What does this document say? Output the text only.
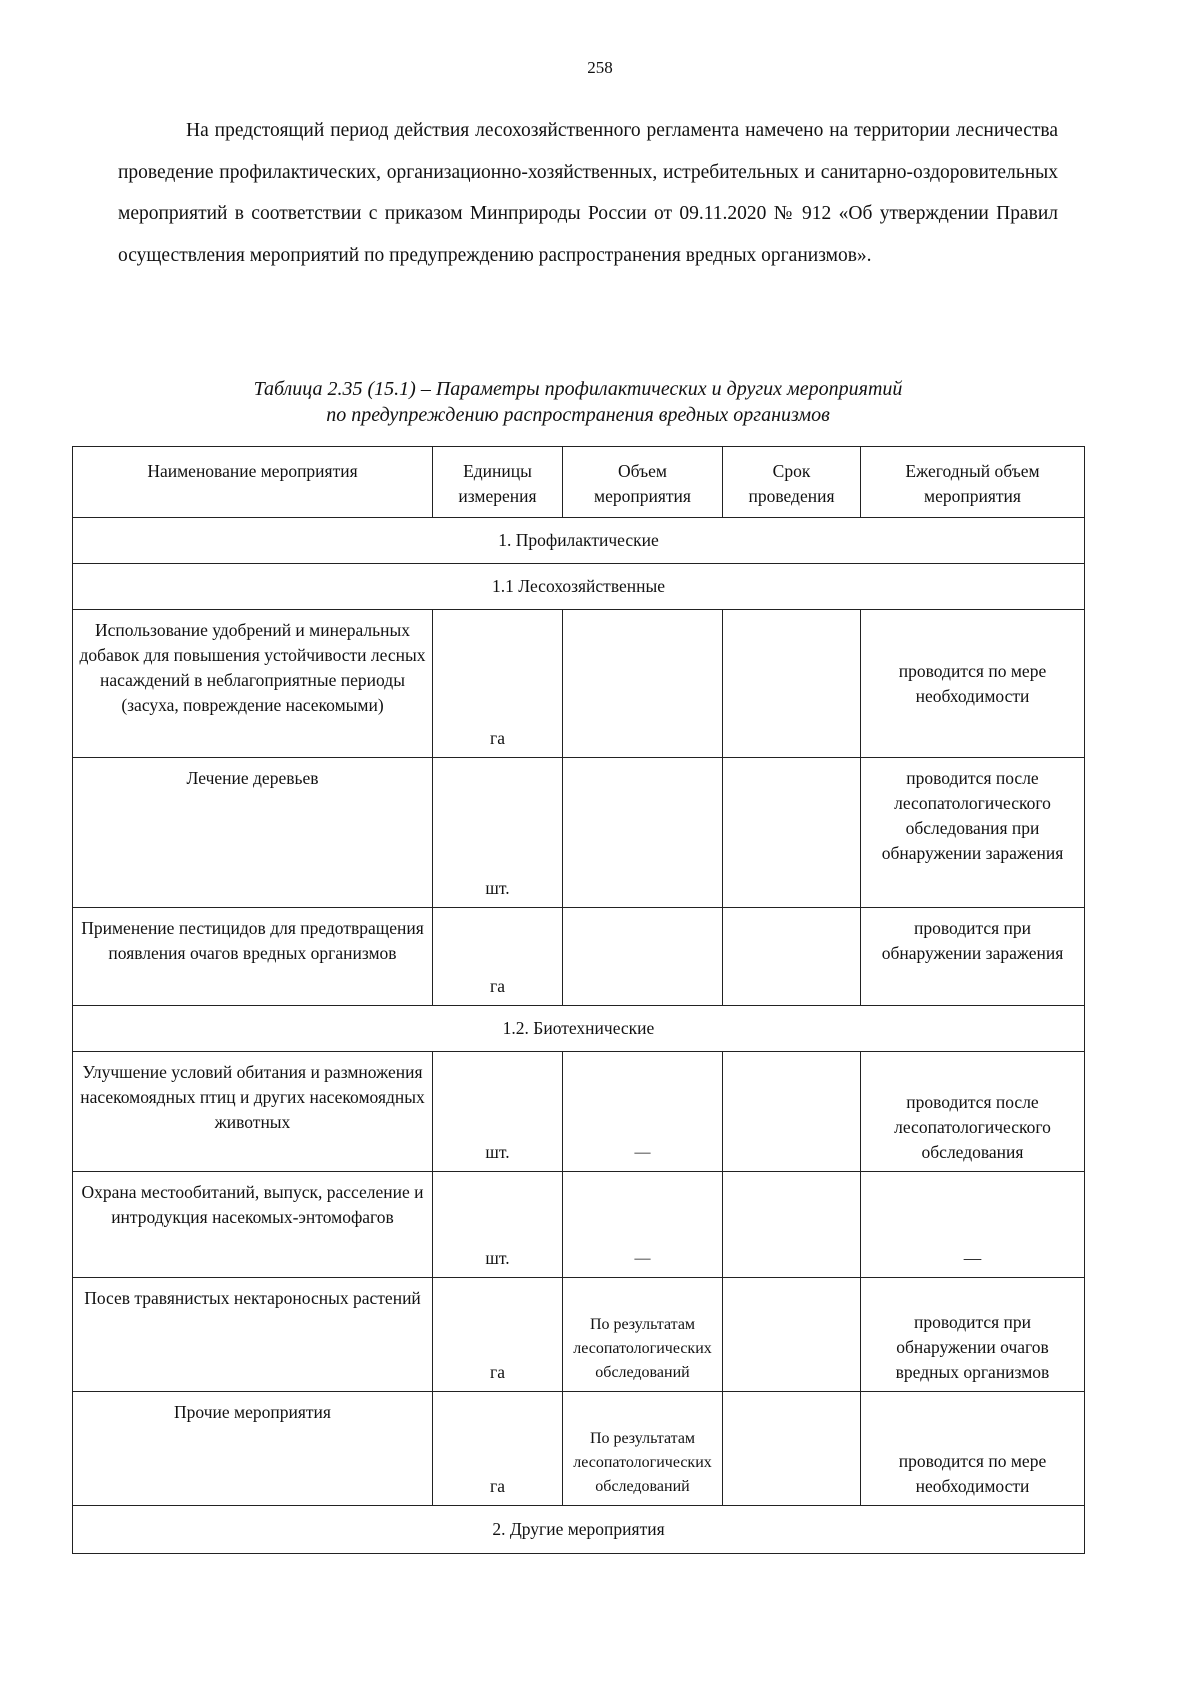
258

На предстоящий период действия лесохозяйственного регламента намечено на территории лесничества проведение профилактических, организационно-хозяйственных, истребительных и санитарно-оздоровительных мероприятий в соответствии с приказом Минприроды России от 09.11.2020 № 912 «Об утверждении Правил осуществления мероприятий по предупреждению распространения вредных организмов».

Таблица 2.35 (15.1) – Параметры профилактических и других мероприятий
по предупреждению распространения вредных организмов
Наименование мероприятия	Единицы измерения	Объем мероприятия	Срок проведения	Ежегодный объем мероприятия
1. Профилактические				
1.1 Лесохозяйственные				
Использование удобрений и минеральных добавок для повышения устойчивости лесных насаждений в неблагоприятные периоды (засуха, повреждение насекомыми)	га			проводится по мере необходимости
Лечение деревьев	шт.			проводится после лесопатологического обследования при обнаружении заражения
Применение пестицидов для предотвращения появления очагов вредных организмов	га			проводится при обнаружении заражения
1.2. Биотехнические				
Улучшение условий обитания и размножения насекомоядных птиц и других насекомоядных животных	шт.	—		проводится после лесопатологического обследования
Охрана местообитаний, выпуск, расселение и интродукция насекомых-энтомофагов	шт.	—		—
Посев травянистых нектароносных растений	га	По результатам лесопатологических обследований		проводится при обнаружении очагов вредных организмов
Прочие мероприятия	га	По результатам лесопатологических обследований		проводится по мере необходимости
2. Другие мероприятия				
